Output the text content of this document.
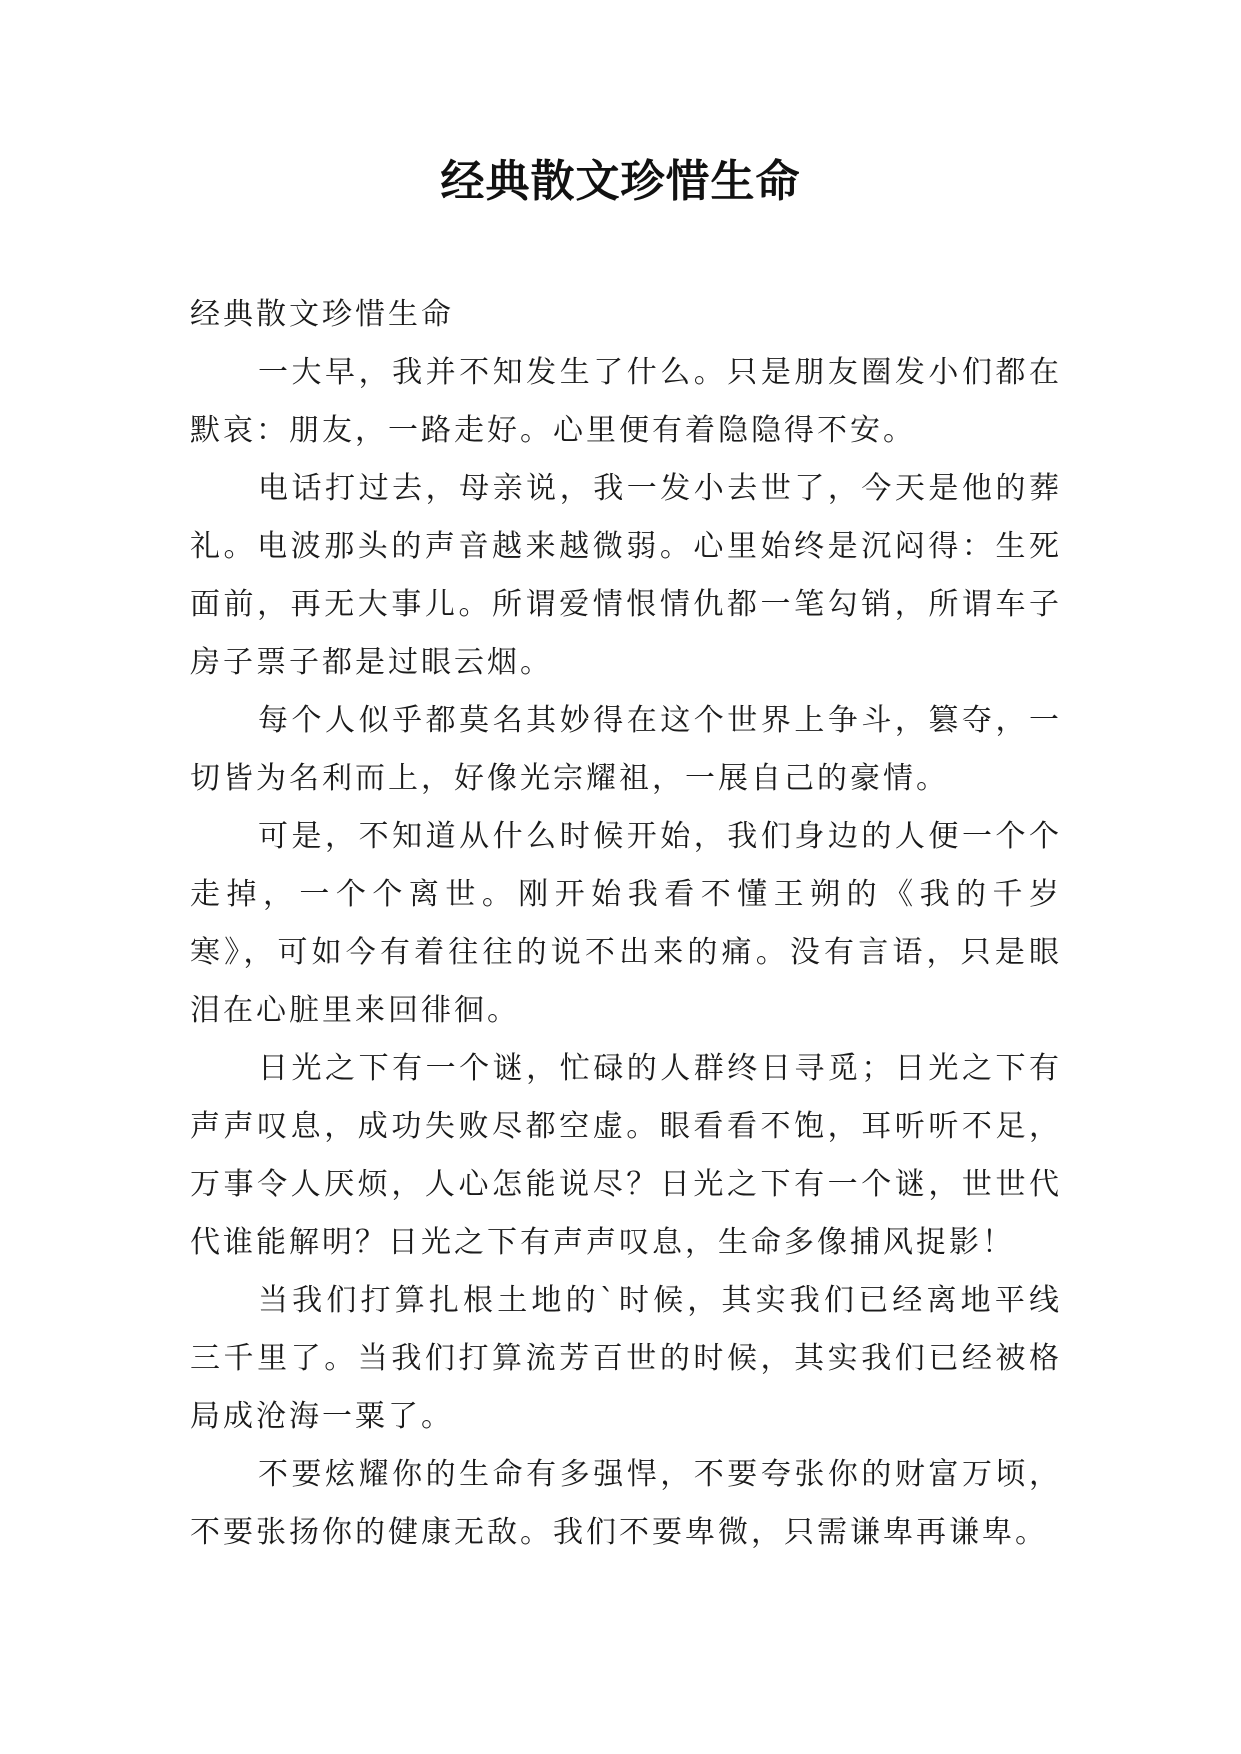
经典散文珍惜生命

经典散文珍惜生命

一大早，我并不知发生了什么。只是朋友圈发小们都在默哀：朋友，一路走好。心里便有着隐隐得不安。

电话打过去，母亲说，我一发小去世了，今天是他的葬礼。电波那头的声音越来越微弱。心里始终是沉闷得：生死面前，再无大事儿。所谓爱情恨情仇都一笔勾销，所谓车子房子票子都是过眼云烟。

每个人似乎都莫名其妙得在这个世界上争斗，篡夺，一切皆为名利而上，好像光宗耀祖，一展自己的豪情。

可是，不知道从什么时候开始，我们身边的人便一个个走掉，一个个离世。刚开始我看不懂王朔的《我的千岁寒》，可如今有着往往的说不出来的痛。没有言语，只是眼泪在心脏里来回徘徊。

日光之下有一个谜，忙碌的人群终日寻觅；日光之下有声声叹息，成功失败尽都空虚。眼看看不饱，耳听听不足，万事令人厌烦，人心怎能说尽？日光之下有一个谜，世世代代谁能解明？日光之下有声声叹息，生命多像捕风捉影！

当我们打算扎根土地的`时候，其实我们已经离地平线三千里了。当我们打算流芳百世的时候，其实我们已经被格局成沧海一粟了。

不要炫耀你的生命有多强悍，不要夸张你的财富万顷，不要张扬你的健康无敌。我们不要卑微，只需谦卑再谦卑。
